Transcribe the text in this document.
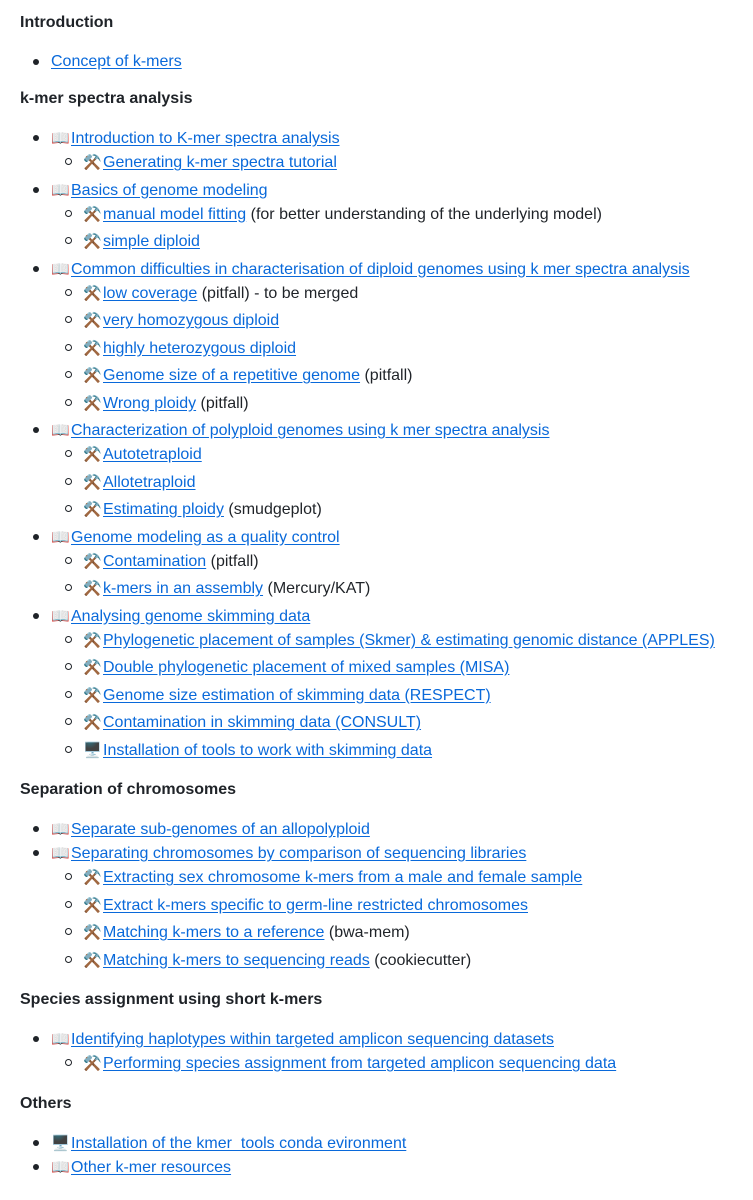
Introduction
Concept of k-mers
k-mer spectra analysis
📖Introduction to K-mer spectra analysis
⚒️Generating k-mer spectra tutorial
📖Basics of genome modeling
⚒️manual model fitting (for better understanding of the underlying model)
⚒️simple diploid
📖Common difficulties in characterisation of diploid genomes using k mer spectra analysis
⚒️low coverage (pitfall) - to be merged
⚒️very homozygous diploid
⚒️highly heterozygous diploid
⚒️Genome size of a repetitive genome (pitfall)
⚒️Wrong ploidy (pitfall)
📖Characterization of polyploid genomes using k mer spectra analysis
⚒️Autotetraploid
⚒️Allotetraploid
⚒️Estimating ploidy (smudgeplot)
📖Genome modeling as a quality control
⚒️Contamination (pitfall)
⚒️k-mers in an assembly (Mercury/KAT)
📖Analysing genome skimming data
⚒️Phylogenetic placement of samples (Skmer) & estimating genomic distance (APPLES)
⚒️Double phylogenetic placement of mixed samples (MISA)
⚒️Genome size estimation of skimming data (RESPECT)
⚒️Contamination in skimming data (CONSULT)
🖥️Installation of tools to work with skimming data
Separation of chromosomes
📖Separate sub-genomes of an allopolyploid
📖Separating chromosomes by comparison of sequencing libraries
⚒️Extracting sex chromosome k-mers from a male and female sample
⚒️Extract k-mers specific to germ-line restricted chromosomes
⚒️Matching k-mers to a reference (bwa-mem)
⚒️Matching k-mers to sequencing reads (cookiecutter)
Species assignment using short k-mers
📖Identifying haplotypes within targeted amplicon sequencing datasets
⚒️Performing species assignment from targeted amplicon sequencing data
Others
🖥️Installation of the kmer_tools conda evironment
📖Other k-mer resources
